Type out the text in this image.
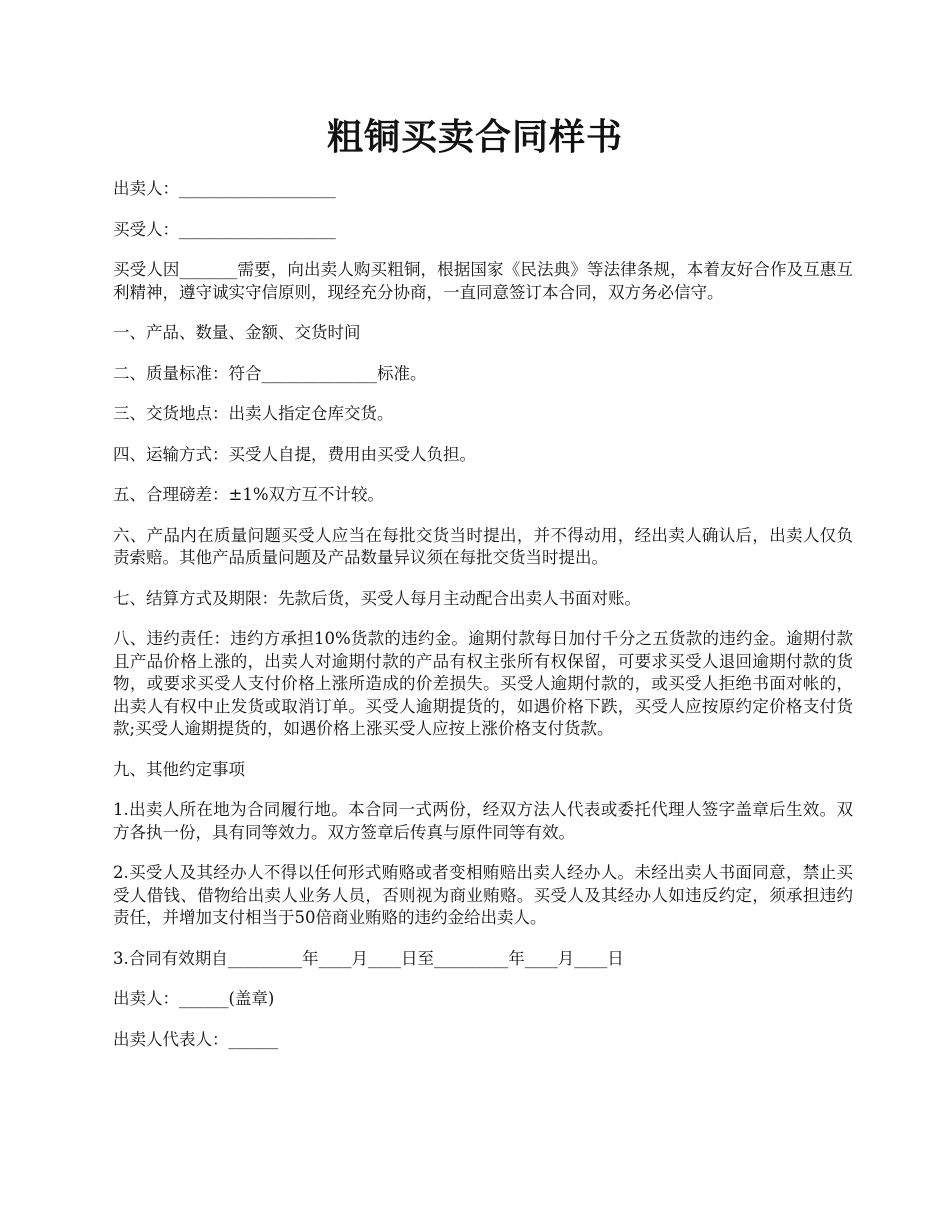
粗铜买卖合同样书

出卖人：___________________

买受人：___________________

买受人因_______需要，向出卖人购买粗铜，根据国家《民法典》等法律条规，本着友好合作及互惠互利精神，遵守诚实守信原则，现经充分协商，一直同意签订本合同，双方务必信守。

一、产品、数量、金额、交货时间

二、质量标准：符合______________标准。

三、交货地点：出卖人指定仓库交货。

四、运输方式：买受人自提，费用由买受人负担。

五、合理磅差：±1%双方互不计较。

六、产品内在质量问题买受人应当在每批交货当时提出，并不得动用，经出卖人确认后，出卖人仅负责索赔。其他产品质量问题及产品数量异议须在每批交货当时提出。

七、结算方式及期限：先款后货，买受人每月主动配合出卖人书面对账。

八、违约责任：违约方承担10%货款的违约金。逾期付款每日加付千分之五货款的违约金。逾期付款且产品价格上涨的，出卖人对逾期付款的产品有权主张所有权保留，可要求买受人退回逾期付款的货物，或要求买受人支付价格上涨所造成的价差损失。买受人逾期付款的，或买受人拒绝书面对帐的，出卖人有权中止发货或取消订单。买受人逾期提货的，如遇价格下跌，买受人应按原约定价格支付货款;买受人逾期提货的，如遇价格上涨买受人应按上涨价格支付货款。

九、其他约定事项

1.出卖人所在地为合同履行地。本合同一式两份，经双方法人代表或委托代理人签字盖章后生效。双方各执一份，具有同等效力。双方签章后传真与原件同等有效。

2.买受人及其经办人不得以任何形式贿赂或者变相贿赔出卖人经办人。未经出卖人书面同意，禁止买受人借钱、借物给出卖人业务人员，否则视为商业贿赂。买受人及其经办人如违反约定，须承担违约责任，并增加支付相当于50倍商业贿赂的违约金给出卖人。

3.合同有效期自_________年____月____日至_________年____月____日

出卖人：______(盖章)

出卖人代表人：______
